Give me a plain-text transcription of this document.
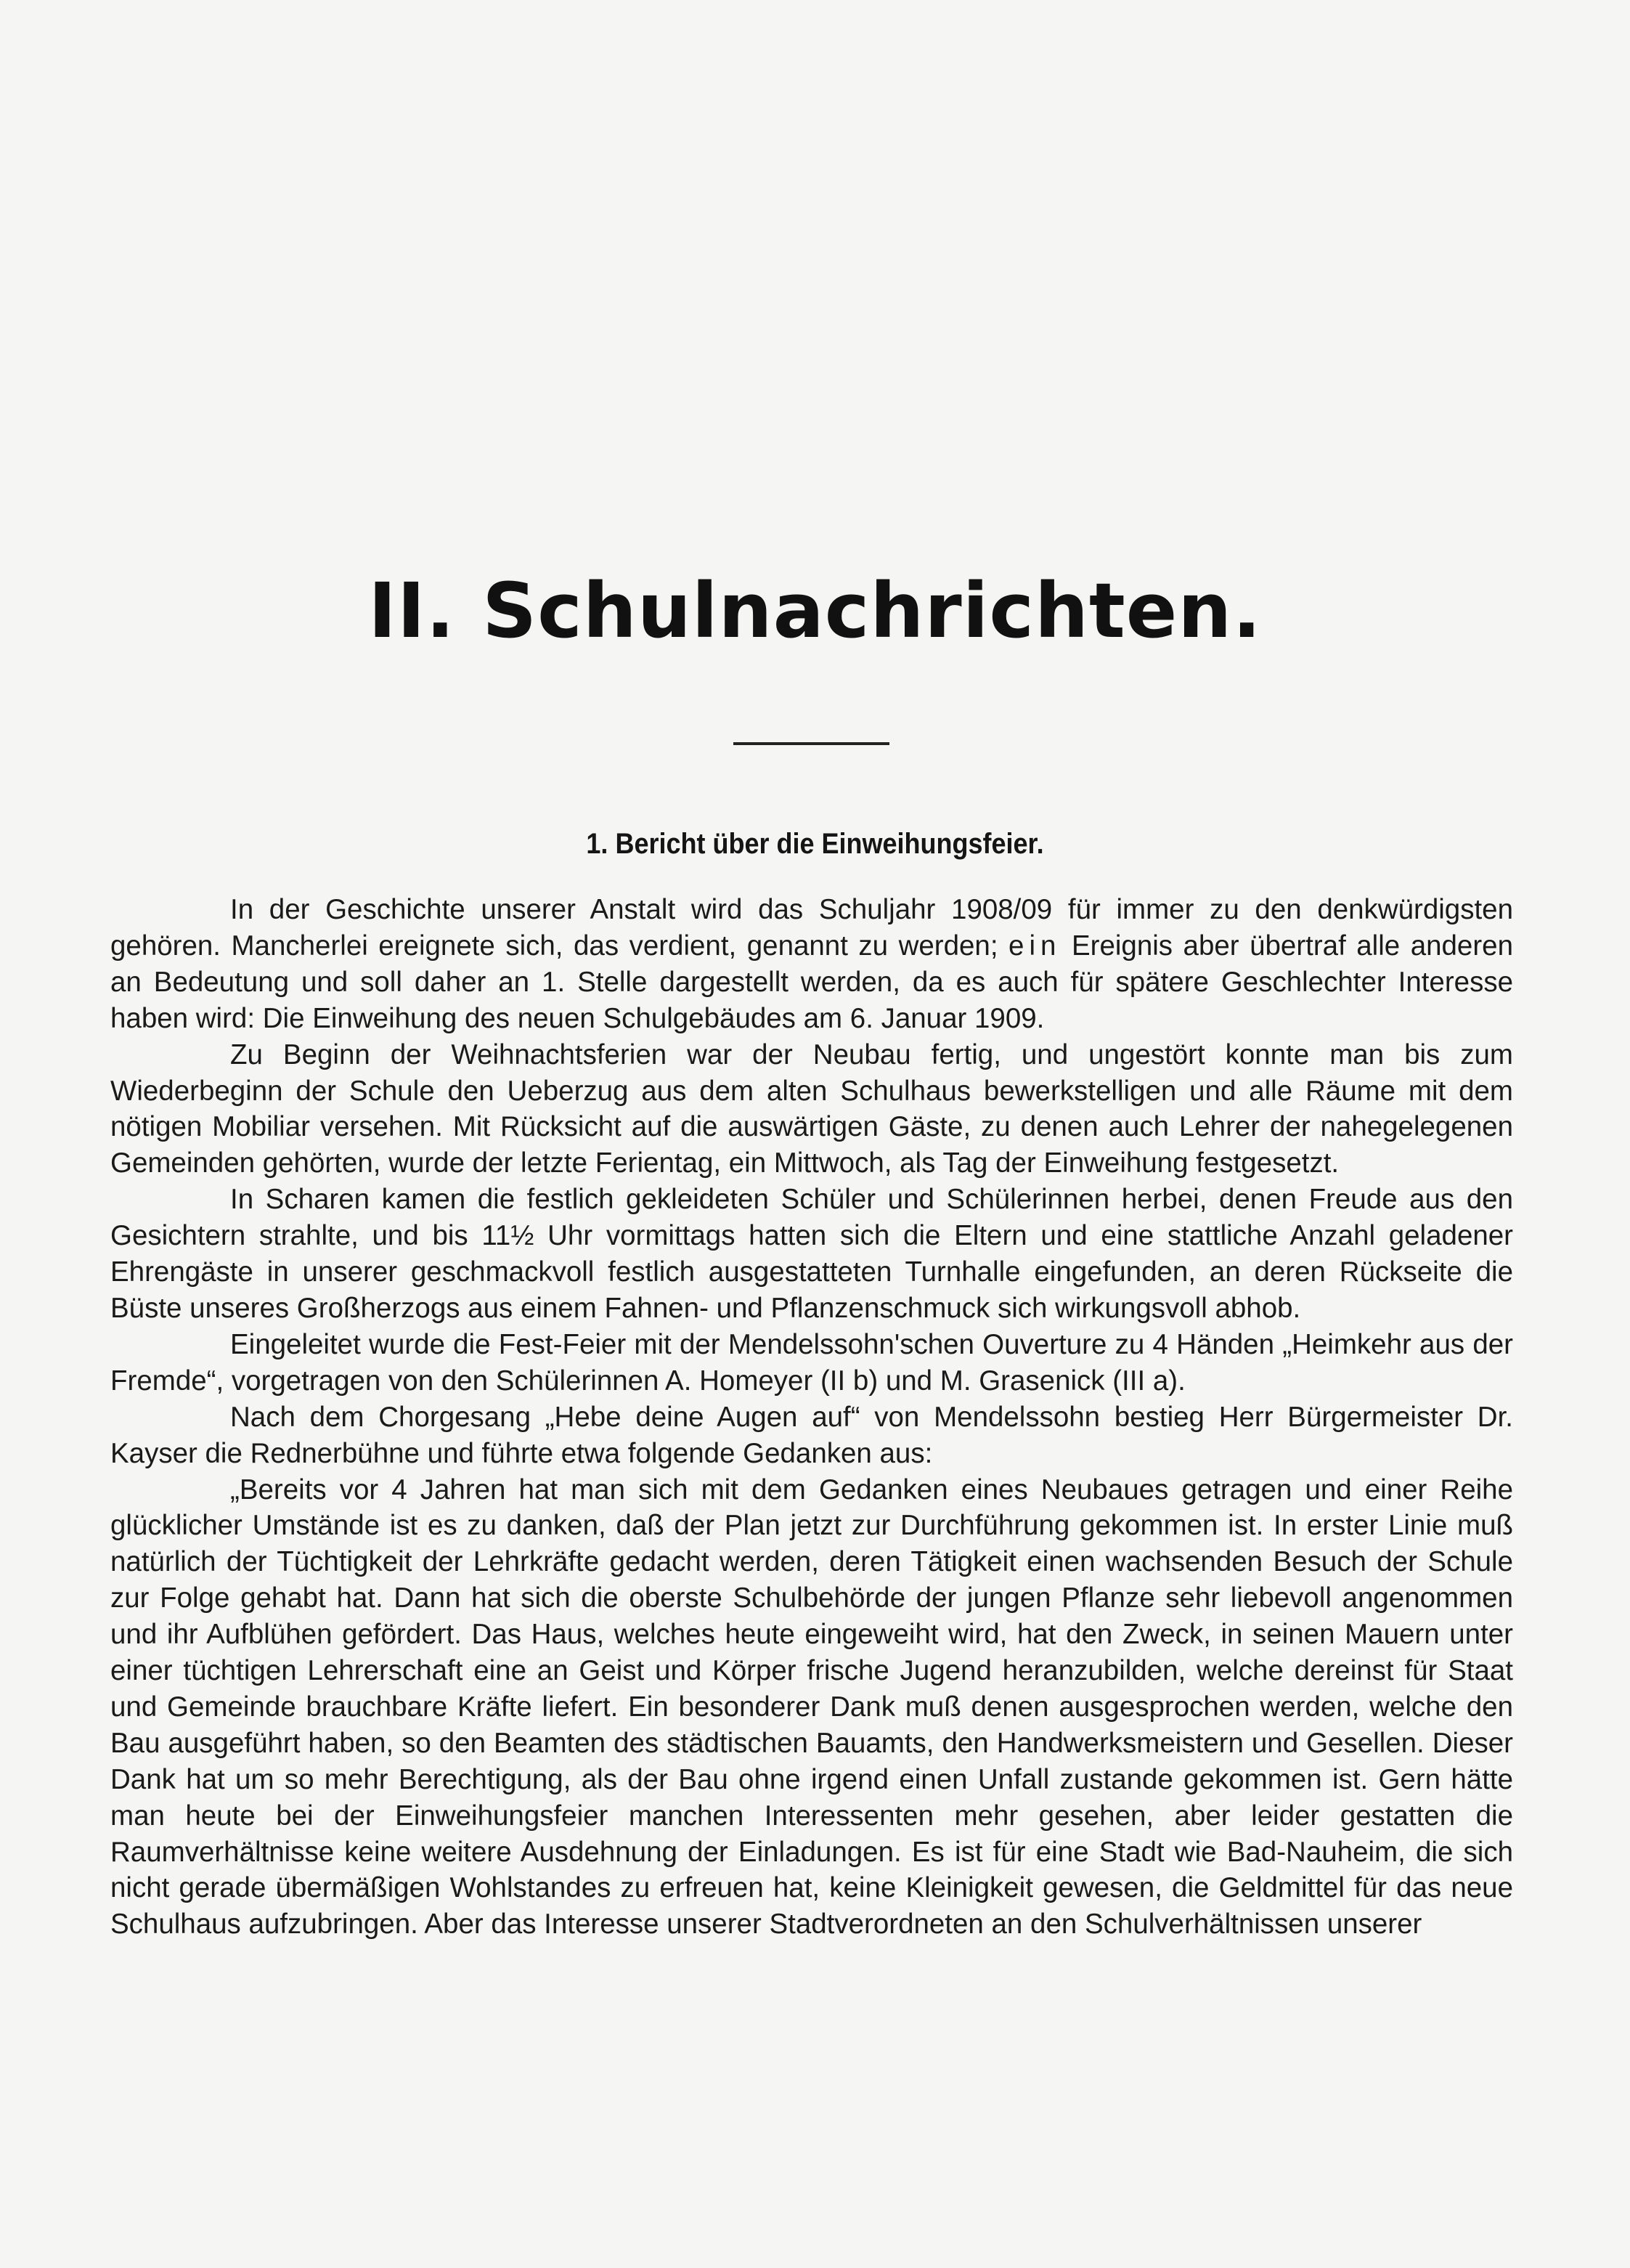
II. Schulnachrichten.
1. Bericht über die Einweihungsfeier.

In der Geschichte unserer Anstalt wird das Schuljahr 1908/09 für immer zu den denkwürdigsten gehören. Mancherlei ereignete sich, das verdient, genannt zu werden; ein Ereignis aber übertraf alle anderen an Bedeutung und soll daher an 1. Stelle dargestellt werden, da es auch für spätere Geschlechter Interesse haben wird: Die Einweihung des neuen Schulgebäudes am 6. Januar 1909.

Zu Beginn der Weihnachtsferien war der Neubau fertig, und ungestört konnte man bis zum Wiederbeginn der Schule den Ueberzug aus dem alten Schulhaus bewerkstelligen und alle Räume mit dem nötigen Mobiliar versehen. Mit Rücksicht auf die auswärtigen Gäste, zu denen auch Lehrer der nahegelegenen Gemeinden gehörten, wurde der letzte Ferientag, ein Mittwoch, als Tag der Einweihung festgesetzt.

In Scharen kamen die festlich gekleideten Schüler und Schülerinnen herbei, denen Freude aus den Gesichtern strahlte, und bis 11½ Uhr vormittags hatten sich die Eltern und eine stattliche Anzahl geladener Ehrengäste in unserer geschmackvoll festlich ausgestatteten Turnhalle eingefunden, an deren Rückseite die Büste unseres Großherzogs aus einem Fahnen- und Pflanzenschmuck sich wirkungsvoll abhob.

Eingeleitet wurde die Fest-Feier mit der Mendelssohn'schen Ouverture zu 4 Händen „Heimkehr aus der Fremde“, vorgetragen von den Schülerinnen A. Homeyer (II b) und M. Grasenick (III a).

Nach dem Chorgesang „Hebe deine Augen auf“ von Mendelssohn bestieg Herr Bürgermeister Dr. Kayser die Rednerbühne und führte etwa folgende Gedanken aus:

„Bereits vor 4 Jahren hat man sich mit dem Gedanken eines Neubaues getragen und einer Reihe glücklicher Umstände ist es zu danken, daß der Plan jetzt zur Durchführung gekommen ist. In erster Linie muß natürlich der Tüchtigkeit der Lehrkräfte gedacht werden, deren Tätigkeit einen wachsenden Besuch der Schule zur Folge gehabt hat. Dann hat sich die oberste Schulbehörde der jungen Pflanze sehr liebevoll angenommen und ihr Aufblühen gefördert. Das Haus, welches heute eingeweiht wird, hat den Zweck, in seinen Mauern unter einer tüchtigen Lehrerschaft eine an Geist und Körper frische Jugend heranzubilden, welche dereinst für Staat und Gemeinde brauchbare Kräfte liefert. Ein besonderer Dank muß denen ausgesprochen werden, welche den Bau ausgeführt haben, so den Beamten des städtischen Bauamts, den Handwerksmeistern und Gesellen. Dieser Dank hat um so mehr Berechtigung, als der Bau ohne irgend einen Unfall zustande gekommen ist. Gern hätte man heute bei der Einweihungsfeier manchen Interessenten mehr gesehen, aber leider gestatten die Raumverhältnisse keine weitere Ausdehnung der Einladungen. Es ist für eine Stadt wie Bad-Nauheim, die sich nicht gerade übermäßigen Wohlstandes zu erfreuen hat, keine Kleinigkeit gewesen, die Geldmittel für das neue Schulhaus aufzubringen. Aber das Interesse unserer Stadtverordneten an den Schulverhältnissen unserer
